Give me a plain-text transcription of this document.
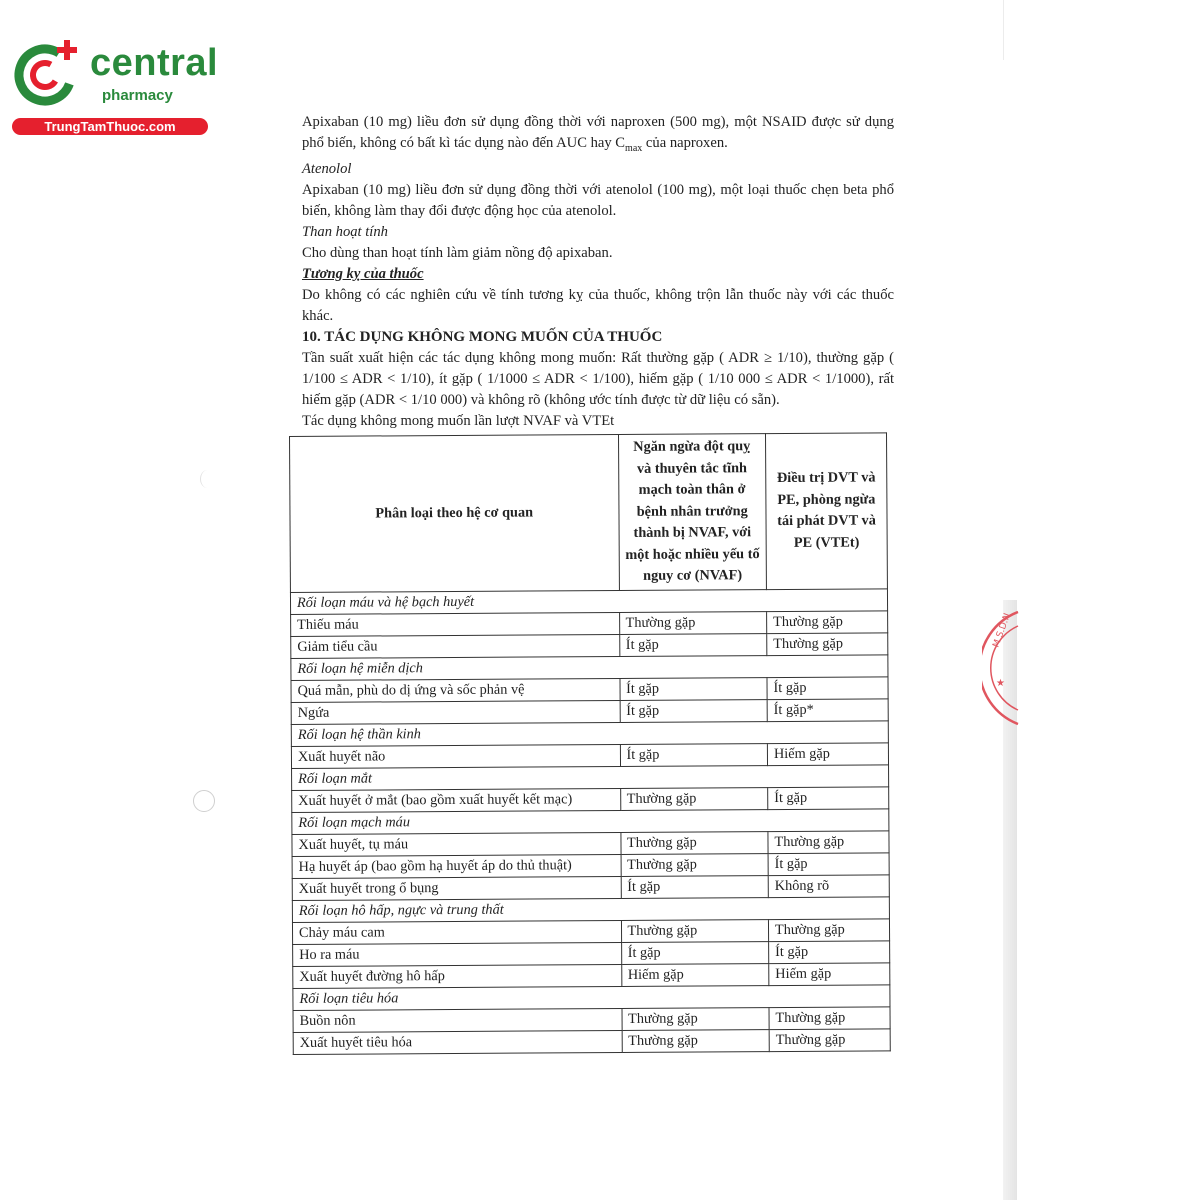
central
pharmacy
TrungTamThuoc.com
M.S.D.N
★

Apixaban (10 mg) liều đơn sử dụng đồng thời với naproxen (500 mg), một NSAID được sử dụng phổ biến, không có bất kì tác dụng nào đến AUC hay $C_{max}$ của naproxen.

Atenolol

Apixaban (10 mg) liều đơn sử dụng đồng thời với atenolol (100 mg), một loại thuốc chẹn beta phổ biến, không làm thay đổi được động học của atenolol.

Than hoạt tính

Cho dùng than hoạt tính làm giảm nồng độ apixaban.

Tương kỵ của thuốc

Do không có các nghiên cứu về tính tương kỵ của thuốc, không trộn lẫn thuốc này với các thuốc khác.

10. TÁC DỤNG KHÔNG MONG MUỐN CỦA THUỐC

Tần suất xuất hiện các tác dụng không mong muốn: Rất thường gặp ( ADR ≥ 1/10), thường gặp ( 1/100 ≤ ADR < 1/10), ít gặp ( 1/1000 ≤ ADR < 1/100), hiếm gặp ( 1/10 000 ≤ ADR < 1/1000), rất hiếm gặp (ADR < 1/10 000) và không rõ (không ước tính được từ dữ liệu có sẵn).

Tác dụng không mong muốn lần lượt NVAF và VTEt

Phân loại theo hệ cơ quan	Ngăn ngừa đột quỵ và thuyên tắc tĩnh mạch toàn thân ở bệnh nhân trưởng thành bị NVAF, với một hoặc nhiều yếu tố nguy cơ (NVAF)	Điều trị DVT và PE, phòng ngừa tái phát DVT và PE (VTEt)
Rối loạn máu và hệ bạch huyết		
Thiếu máu	Thường gặp	Thường gặp
Giảm tiểu cầu	Ít gặp	Thường gặp
Rối loạn hệ miễn dịch		
Quá mẫn, phù do dị ứng và sốc phản vệ	Ít gặp	Ít gặp
Ngứa	Ít gặp	Ít gặp*
Rối loạn hệ thần kinh		
Xuất huyết não	Ít gặp	Hiếm gặp
Rối loạn mắt		
Xuất huyết ở mắt (bao gồm xuất huyết kết mạc)	Thường gặp	Ít gặp
Rối loạn mạch máu		
Xuất huyết, tụ máu	Thường gặp	Thường gặp
Hạ huyết áp (bao gồm hạ huyết áp do thủ thuật)	Thường gặp	Ít gặp
Xuất huyết trong ổ bụng	Ít gặp	Không rõ
Rối loạn hô hấp, ngực và trung thất		
Chảy máu cam	Thường gặp	Thường gặp
Ho ra máu	Ít gặp	Ít gặp
Xuất huyết đường hô hấp	Hiếm gặp	Hiếm gặp
Rối loạn tiêu hóa		
Buồn nôn	Thường gặp	Thường gặp
Xuất huyết tiêu hóa	Thường gặp	Thường gặp
